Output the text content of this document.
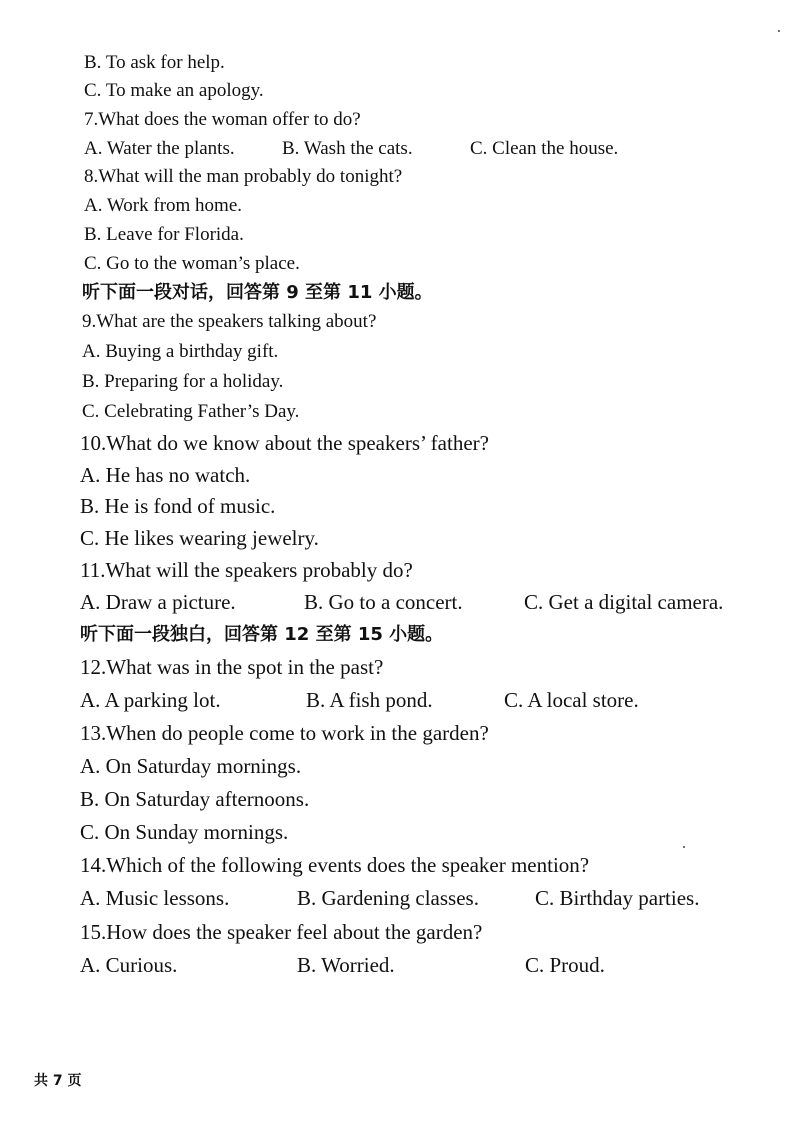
B. To ask for help.
C. To make an apology.
7.What does the woman offer to do?
A. Water the plants. B. Wash the cats.	C. Clean the house.
8.What will the man probably do tonight?
A. Work from home.
B. Leave for Florida.
C. Go to the woman’s place.
听下面一段对话，回答第 9 至第 11 小题。
9.What are the speakers talking about?
A. Buying a birthday gift.
B. Preparing for a holiday.
C. Celebrating Father’s Day.
10.What do we know about the speakers’ father?
A. He has no watch.
B. He is fond of music.
C. He likes wearing jewelry.
11.What will the speakers probably do?
A. Draw a picture.	B. Go to a concert.	C. Get a digital camera.
听下面一段独白，回答第 12 至第 15 小题。
12.What was in the spot in the past?
A. A parking lot.	B. A fish pond.	C. A local store.
13.When do people come to work in the garden?
A. On Saturday mornings.
B. On Saturday afternoons.
C. On Sunday mornings.
14.Which of the following events does the speaker mention?
A. Music lessons.	B. Gardening classes.	C. Birthday parties.
15.How does the speaker feel about the garden?
A. Curious.	B. Worried.	C. Proud.
共 7 页
